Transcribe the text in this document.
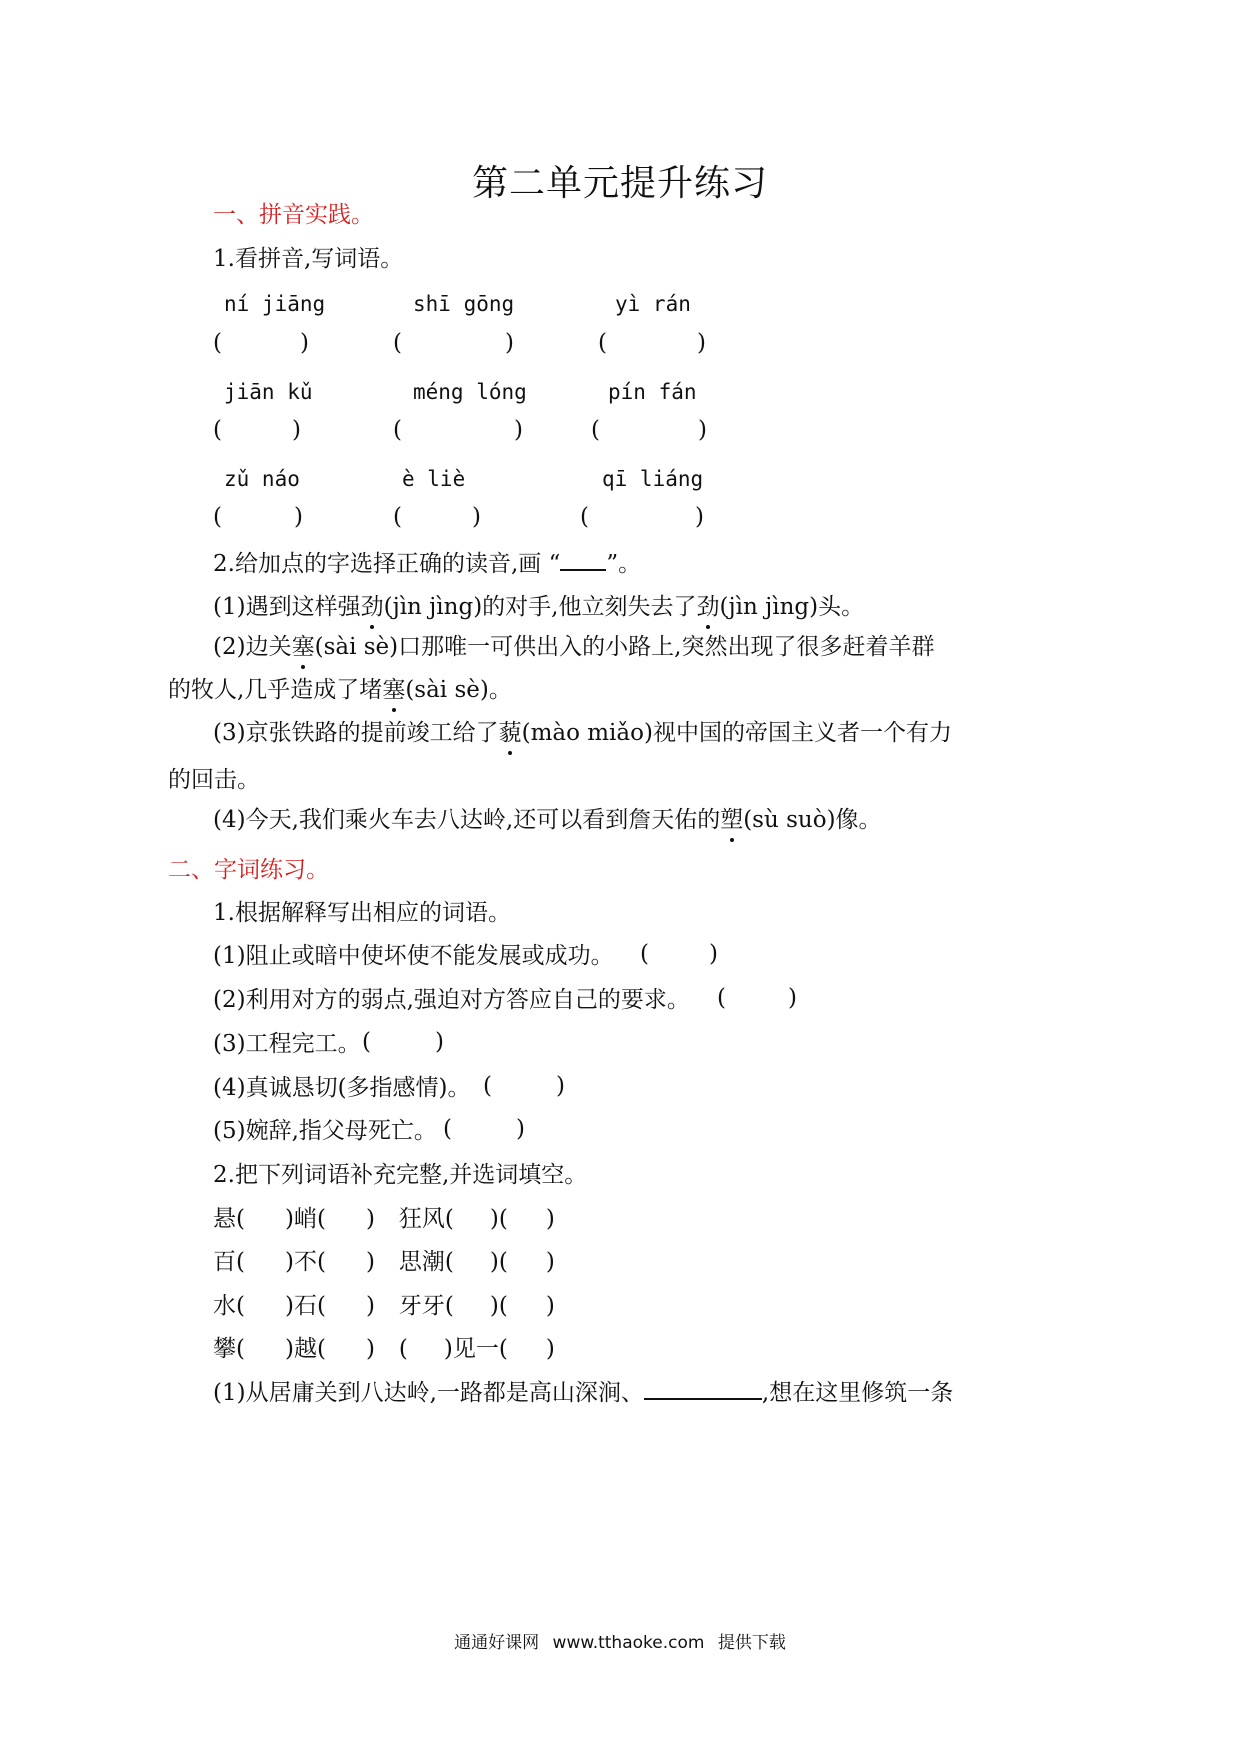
第二单元提升练习
一、拼音实践。
1.看拼音,写词语。
ní jiāng	shī gōng	yì rán
(	)	(	)	(	)
jiān kǔ	méng lóng	pín fán
(	)	(	)	(	)
zǔ náo	è liè	qī liáng
(	)	(	)	(	)
2.给加点的字选择正确的读音,画 “ ”。
(1)遇到这样强劲(jìn jìng)的对手,他立刻失去了劲(jìn jìng)头。
(2)边关塞(sài sè)口那唯一可供出入的小路上,突然出现了很多赶着羊群
的牧人,几乎造成了堵塞(sài sè)。
(3)京张铁路的提前竣工给了藐(mào miǎo)视中国的帝国主义者一个有力
的回击。
(4)今天,我们乘火车去八达岭,还可以看到詹天佑的塑(sù suò)像。
二、字词练习。
1.根据解释写出相应的词语。
(1)阻止或暗中使坏使不能发展或成功。 (	)
(2)利用对方的弱点,强迫对方答应自己的要求。 (	)
(3)工程完工。 (	)
(4)真诚恳切(多指感情)。 (	)
(5)婉辞,指父母死亡。 (	)
2.把下列词语补充完整,并选词填空。
悬( )峭( ) 狂风( )( )
百( )不( ) 思潮( )( )
水( )石( ) 牙牙( )( )
攀( )越( ) ( )见一( )
(1)从居庸关到八达岭,一路都是高山深涧、	,想在这里修筑一条
通通好课网 www.tthaoke.com 提供下载
